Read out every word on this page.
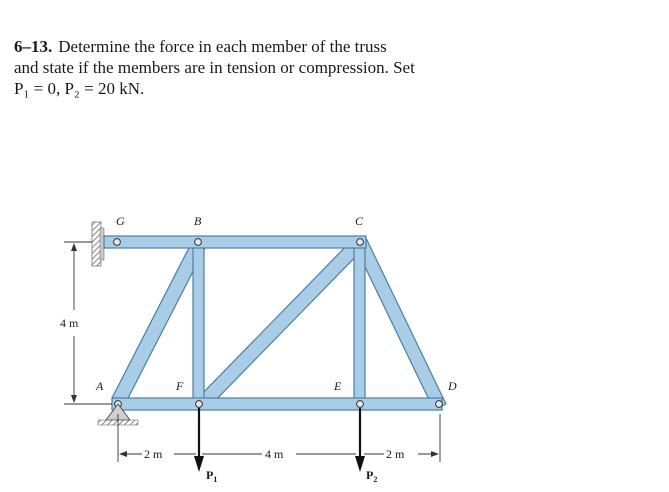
6–13. Determine the force in each member of the truss
and state if the members are in tension or compression. Set
P₁ = 0, P₂ = 20 kN.
4 m
2 m	4 m	2 m
$P_1$	$P_2$
G	B	C
A	F	E	D
